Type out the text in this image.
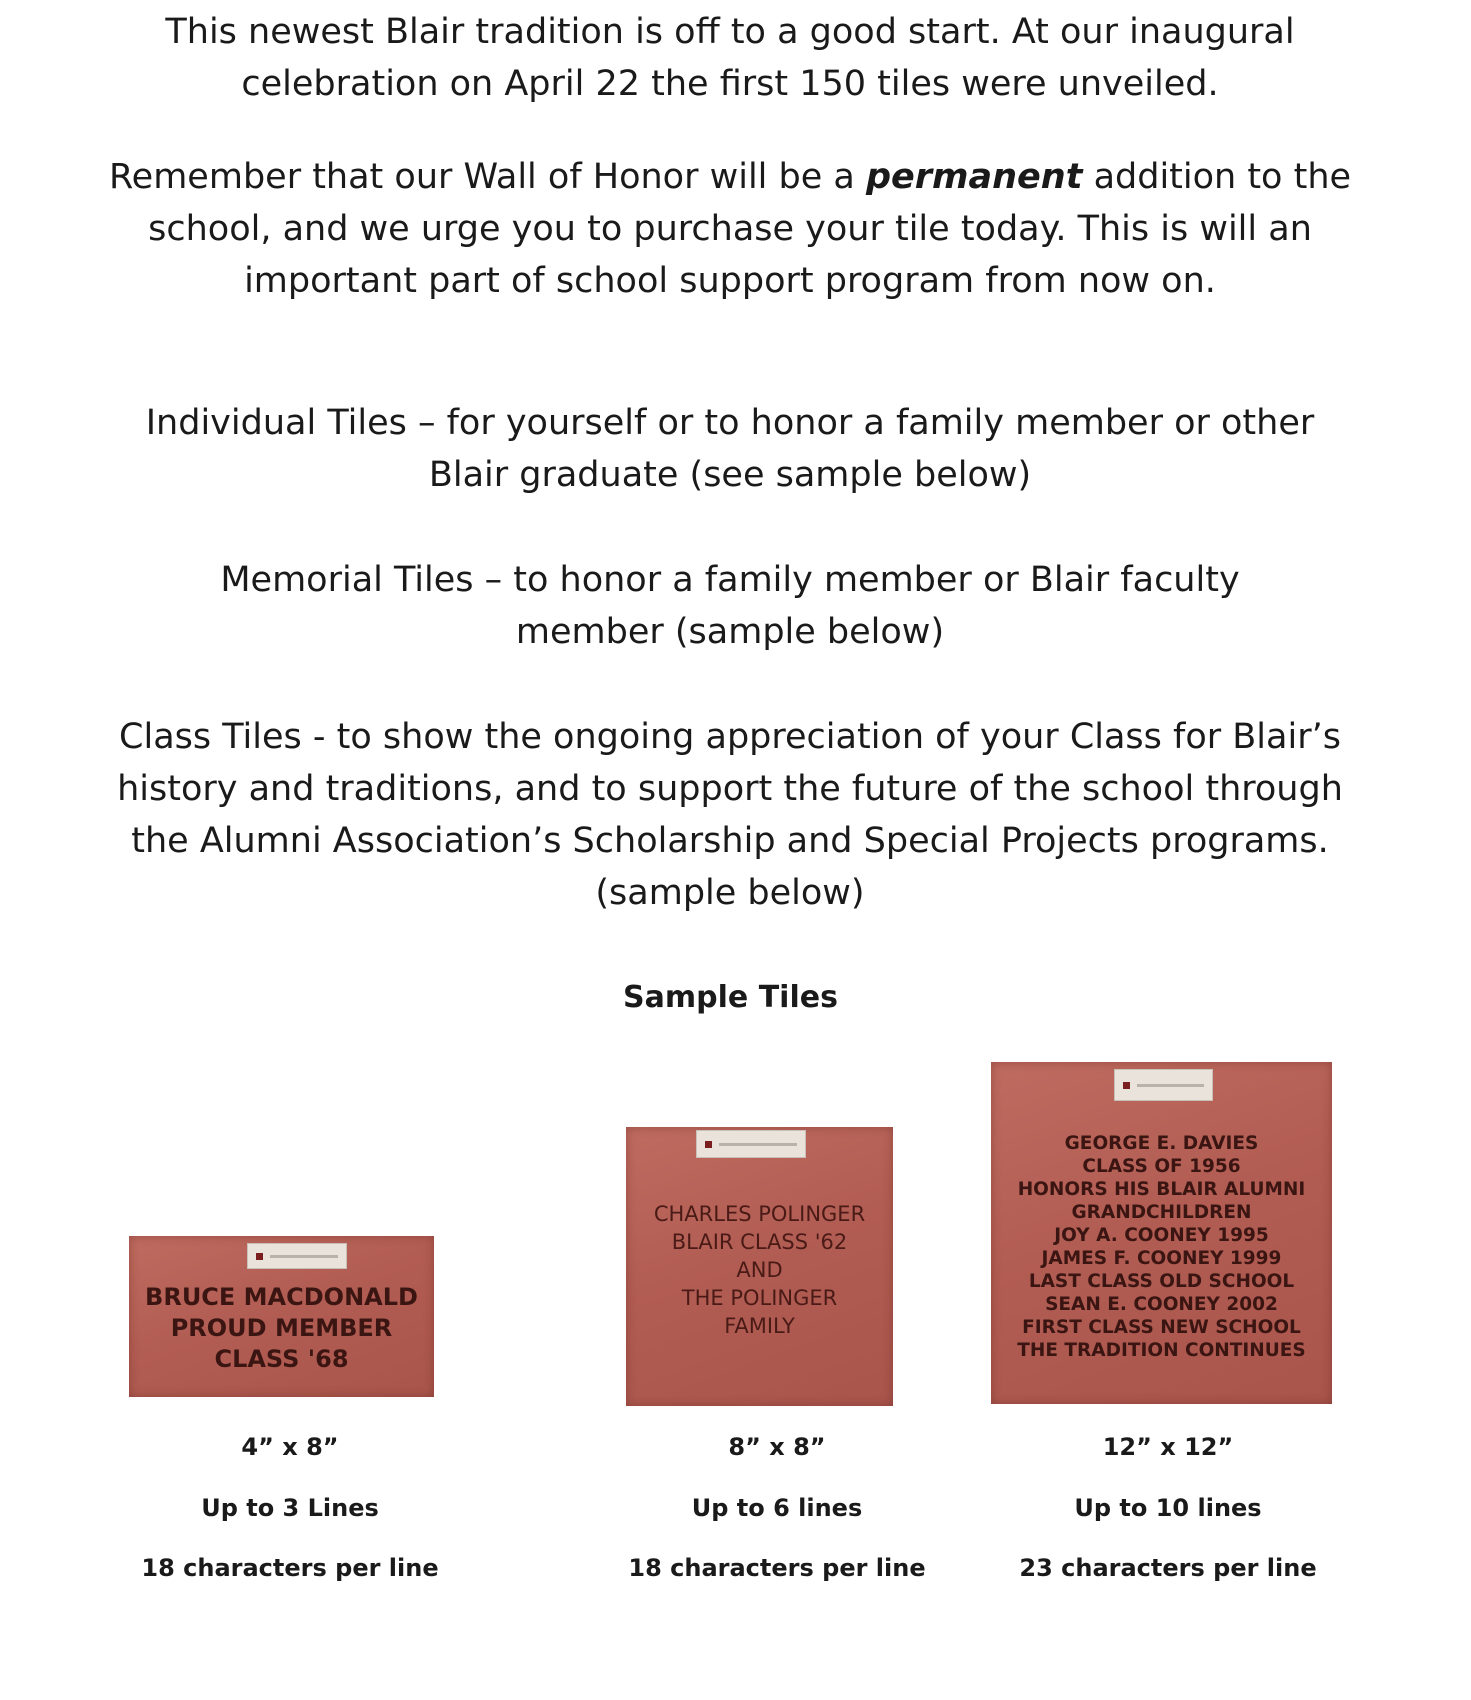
This newest Blair tradition is off to a good start. At our inaugural
celebration on April 22 the first 150 tiles were unveiled.

Remember that our Wall of Honor will be a permanent addition to the
school, and we urge you to purchase your tile today. This is will an
important part of school support program from now on.

Individual Tiles – for yourself or to honor a family member or other
Blair graduate (see sample below)

Memorial Tiles – to honor a family member or Blair faculty
member (sample below)

Class Tiles - to show the ongoing appreciation of your Class for Blair’s
history and traditions, and to support the future of the school through
the Alumni Association’s Scholarship and Special Projects programs.
(sample below)

Sample Tiles
BRUCE MACDONALD
PROUD MEMBER
CLASS '68
CHARLES POLINGER
BLAIR CLASS '62
AND
THE POLINGER
FAMILY
GEORGE E. DAVIES
CLASS OF 1956
HONORS HIS BLAIR ALUMNI
GRANDCHILDREN
JOY A. COONEY 1995
JAMES F. COONEY 1999
LAST CLASS OLD SCHOOL
SEAN E. COONEY 2002
FIRST CLASS NEW SCHOOL
THE TRADITION CONTINUES
4” x 8”	8” x 8”	12” x 12”
Up to 3 Lines	Up to 6 lines	Up to 10 lines
18 characters per line	18 characters per line	23 characters per line
